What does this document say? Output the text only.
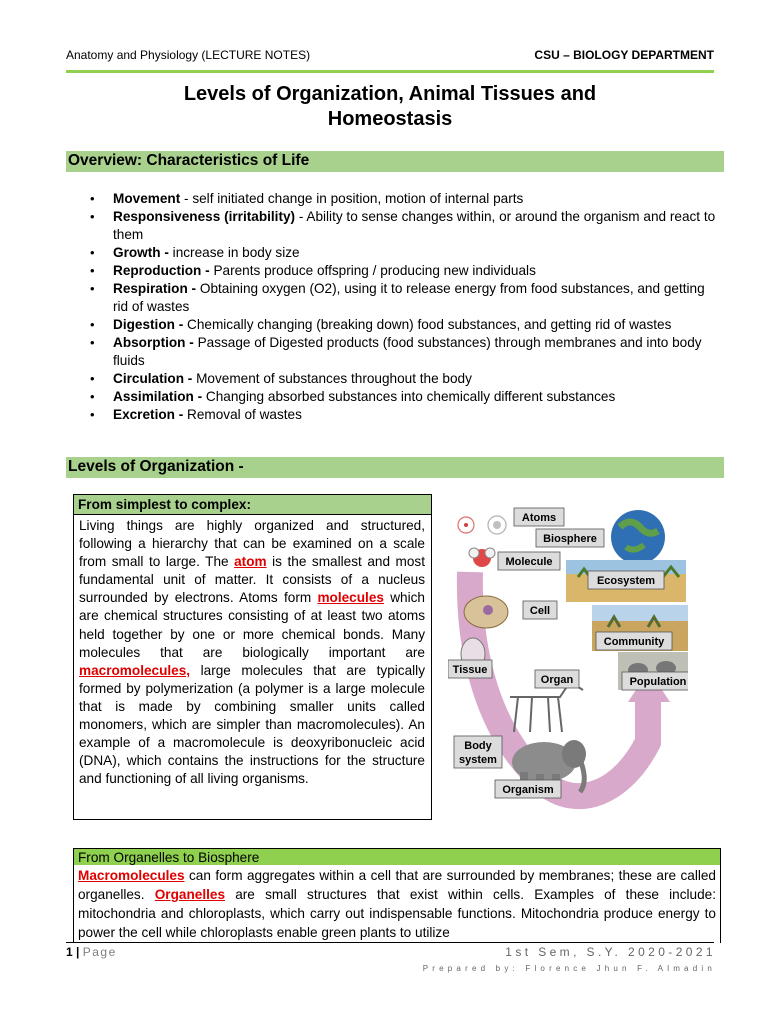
Anatomy and Physiology (LECTURE NOTES)	CSU – BIOLOGY DEPARTMENT
Levels of Organization, Animal Tissues and
Homeostasis
Overview: Characteristics of Life
• Movement - self initiated change in position, motion of internal parts
• Responsiveness (irritability) - Ability to sense changes within, or around the organism and react to them
• Growth - increase in body size
• Reproduction - Parents produce offspring / producing new individuals
• Respiration - Obtaining oxygen (O2), using it to release energy from food substances, and getting rid of wastes
• Digestion - Chemically changing (breaking down) food substances, and getting rid of wastes
• Absorption - Passage of Digested products (food substances) through membranes and into body fluids
• Circulation - Movement of substances throughout the body
• Assimilation - Changing absorbed substances into chemically different substances
• Excretion - Removal of wastes
Levels of Organization -
From simplest to complex:
Living things are highly organized and structured, following a hierarchy that can be examined on a scale from small to large. The atom is the smallest and most fundamental unit of matter. It consists of a nucleus surrounded by electrons. Atoms form molecules which are chemical structures consisting of at least two atoms held together by one or more chemical bonds. Many molecules that are biologically important are macromolecules, large molecules that are typically formed by polymerization (a polymer is a large molecule that is made by combining smaller units called monomers, which are simpler than macromolecules). An example of a macromolecule is deoxyribonucleic acid (DNA), which contains the instructions for the structure and functioning of all living organisms.
Atoms
Biosphere
Molecule
Ecosystem
Cell
Community
Tissue
Organ	Population
Body
system
Organism
From Organelles to Biosphere
Macromolecules can form aggregates within a cell that are surrounded by membranes; these are called organelles. Organelles are small structures that exist within cells. Examples of these include: mitochondria and chloroplasts, which carry out indispensable functions. Mitochondria produce energy to power the cell while chloroplasts enable green plants to utilize
1 | Page	1st Sem, S.Y. 2020-2021
Prepared by: Florence Jhun F. Almadin
